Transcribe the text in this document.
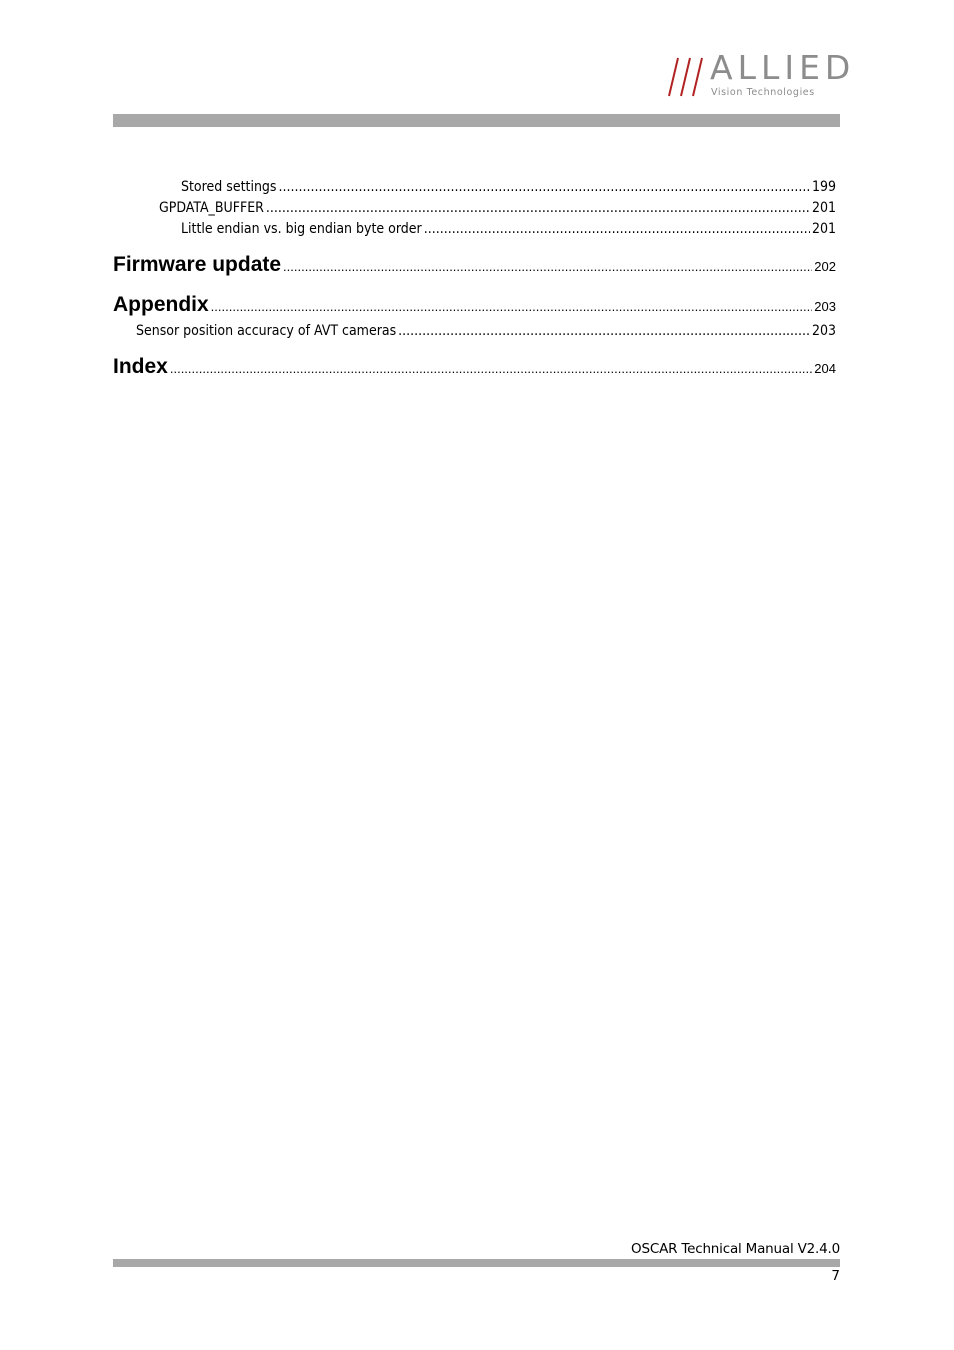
ALLIED
Vision Technologies
Stored settings .....	199
GPDATA_BUFFER .....	201
Little endian vs. big endian byte order .....	201
Firmware update .....	202
Appendix .....	203
Sensor position accuracy of AVT cameras .....	203
Index .....	204
OSCAR Technical Manual V2.4.0
7
